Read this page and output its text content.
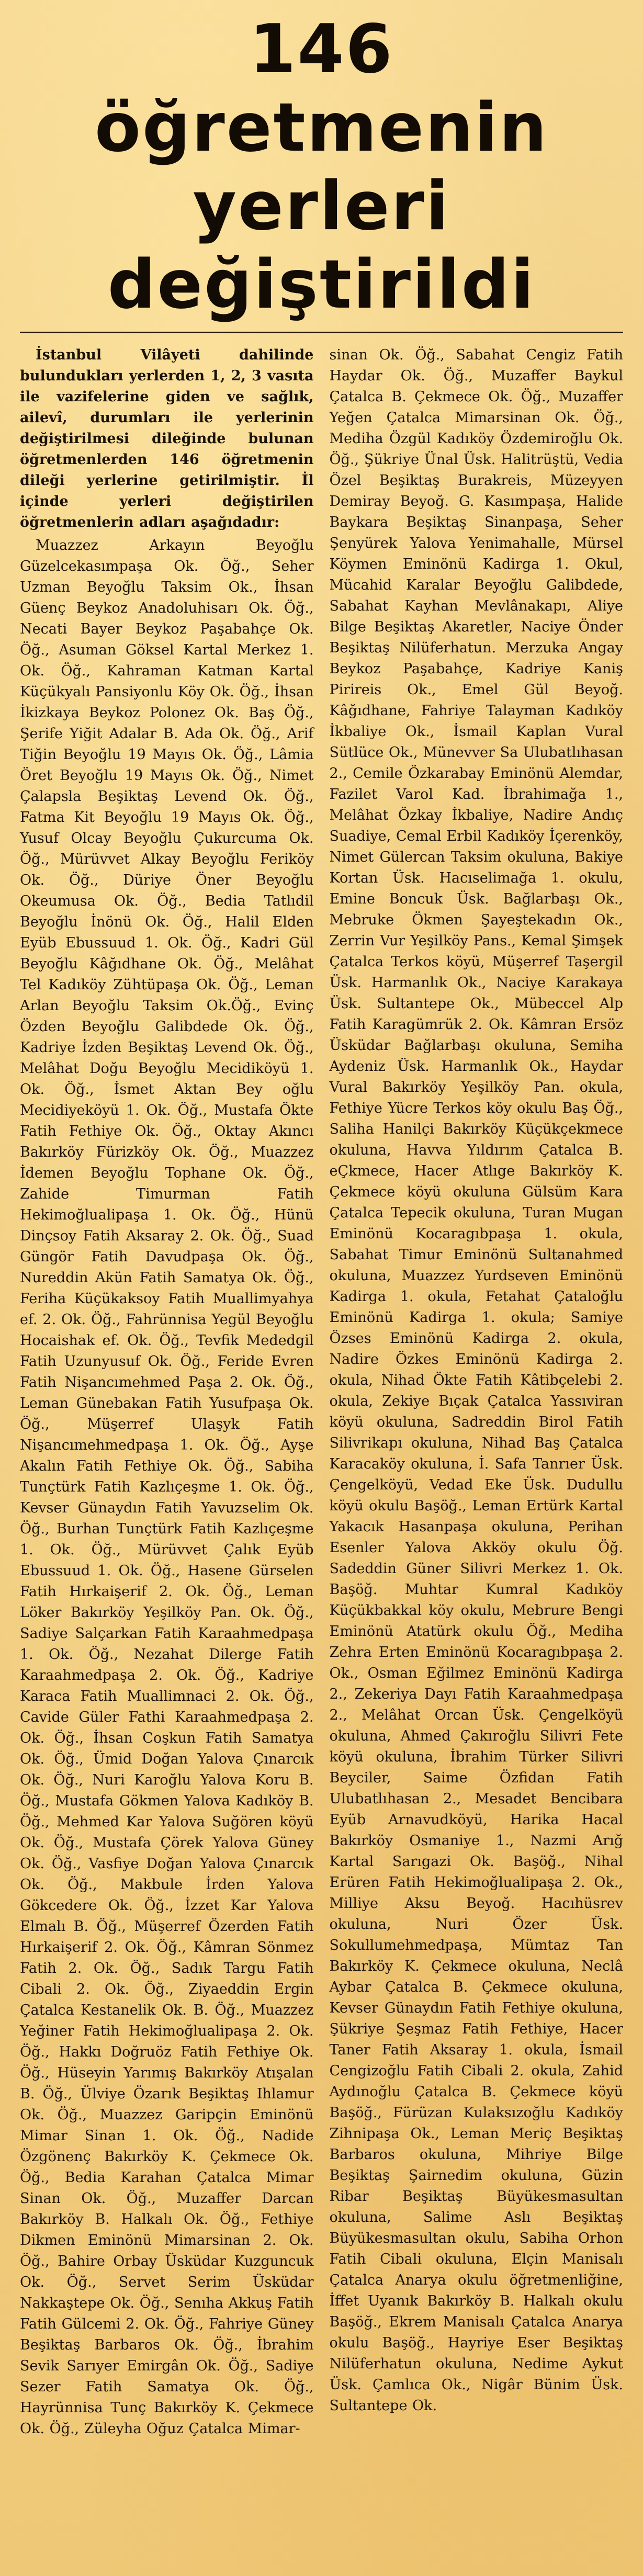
146 öğretmenin
yerleri değiştirildi

İstanbul Vilâyeti dahilinde bulundukları yerlerden 1, 2, 3 vasıta ile vazifelerine giden ve sağlık, ailevî, durumları ile yerlerinin değiştirilmesi dileğinde bulunan öğretmenlerden 146 öğretmenin dileği yerlerine getirilmiştir. İl içinde yerleri değiştirilen öğretmenlerin adları aşağıdadır:

Muazzez Arkayın Beyoğlu Güzelcekasımpaşa Ok. Öğ., Seher Uzman Beyoğlu Taksim Ok., İhsan Güenç Beykoz Anadoluhisarı Ok. Öğ., Necati Bayer Beykoz Paşabahçe Ok. Öğ., Asuman Göksel Kartal Merkez 1. Ok. Öğ., Kahraman Katman Kartal Küçükyalı Pansiyonlu Köy Ok. Öğ., İhsan İkizkaya Beykoz Polonez Ok. Baş Öğ., Şerife Yiğit Adalar B. Ada Ok. Öğ., Arif Tiğin Beyoğlu 19 Mayıs Ok. Öğ., Lâmia Öret Beyoğlu 19 Mayıs Ok. Öğ., Nimet Çalapsla Beşiktaş Levend Ok. Öğ., Fatma Kit Beyoğlu 19 Mayıs Ok. Öğ., Yusuf Olcay Beyoğlu Çukurcuma Ok. Öğ., Mürüvvet Alkay Beyoğlu Feriköy Ok. Öğ., Düriye Öner Beyoğlu Okeumusa Ok. Öğ., Bedia Tatlıdil Beyoğlu İnönü Ok. Öğ., Halil Elden Eyüb Ebussuud 1. Ok. Öğ., Kadri Gül Beyoğlu Kâğıdhane Ok. Öğ., Melâhat Tel Kadıköy Zühtüpaşa Ok. Öğ., Leman Arlan Beyoğlu Taksim Ok.Öğ., Evinç Özden Beyoğlu Galibdede Ok. Öğ., Kadriye İzden Beşiktaş Levend Ok. Öğ., Melâhat Doğu Beyoğlu Mecidiköyü 1. Ok. Öğ., İsmet Aktan Bey oğlu Mecidiyeköyü 1. Ok. Öğ., Mustafa Ökte Fatih Fethiye Ok. Öğ., Oktay Akıncı Bakırköy Fürizköy Ok. Öğ., Muazzez İdemen Beyoğlu Tophane Ok. Öğ., Zahide Timurman Fatih Hekimoğlualipaşa 1. Ok. Öğ., Hünü Dinçsoy Fatih Aksaray 2. Ok. Öğ., Suad Güngör Fatih Davudpaşa Ok. Öğ., Nureddin Akün Fatih Samatya Ok. Öğ., Feriha Küçükaksoy Fatih Muallimyahya ef. 2. Ok. Öğ., Fahrünnisa Yegül Beyoğlu Hocaishak ef. Ok. Öğ., Tevfik Mededgil Fatih Uzunyusuf Ok. Öğ., Feride Evren Fatih Nişancımehmed Paşa 2. Ok. Öğ., Leman Günebakan Fatih Yusufpaşa Ok. Öğ., Müşerref Ulaşyk Fatih Nişancımehmedpaşa 1. Ok. Öğ., Ayşe Akalın Fatih Fethiye Ok. Öğ., Sabiha Tunçtürk Fatih Kazlıçeşme 1. Ok. Öğ., Kevser Günaydın Fatih Yavuzselim Ok. Öğ., Burhan Tunçtürk Fatih Kazlıçeşme 1. Ok. Öğ., Mürüvvet Çalık Eyüb Ebussuud 1. Ok. Öğ., Hasene Gürselen Fatih Hırkaişerif 2. Ok. Öğ., Leman Löker Bakırköy Yeşilköy Pan. Ok. Öğ., Sadiye Salçarkan Fatih Karaahmedpaşa 1. Ok. Öğ., Nezahat Dilerge Fatih Karaahmedpaşa 2. Ok. Öğ., Kadriye Karaca Fatih Muallimnaci 2. Ok. Öğ., Cavide Güler Fathi Karaahmedpaşa 2. Ok. Öğ., İhsan Coşkun Fatih Samatya Ok. Öğ., Ümid Doğan Yalova Çınarcık Ok. Öğ., Nuri Karoğlu Yalova Koru B. Öğ., Mustafa Gökmen Yalova Kadıköy B. Öğ., Mehmed Kar Yalova Suğören köyü Ok. Öğ., Mustafa Çörek Yalova Güney Ok. Öğ., Vasfiye Doğan Yalova Çınarcık Ok. Öğ., Makbule İrden Yalova Gökcedere Ok. Öğ., İzzet Kar Yalova Elmalı B. Öğ., Müşerref Özerden Fatih Hırkaişerif 2. Ok. Öğ., Kâmran Sönmez Fatih 2. Ok. Öğ., Sadık Targu Fatih Cibali 2. Ok. Öğ., Ziyaeddin Ergin Çatalca Kestanelik Ok. B. Öğ., Muazzez Yeğiner Fatih Hekimoğlualipaşa 2. Ok. Öğ., Hakkı Doğruöz Fatih Fethiye Ok. Öğ., Hüseyin Yarımış Bakırköy Atışalan B. Öğ., Ülviye Özarık Beşiktaş Ihlamur Ok. Öğ., Muazzez Garipçin Eminönü Mimar Sinan 1. Ok. Öğ., Nadide Özgönenç Bakırköy K. Çekmece Ok. Öğ., Bedia Karahan Çatalca Mimar Sinan Ok. Öğ., Muzaffer Darcan Bakırköy B. Halkalı Ok. Öğ., Fethiye Dikmen Eminönü Mimarsinan 2. Ok. Öğ., Bahire Orbay Üsküdar Kuzguncuk Ok. Öğ., Servet Serim Üsküdar Nakkaştepe Ok. Öğ., Senıha Akkuş Fatih Fatih Gülcemi 2. Ok. Öğ., Fahriye Güney Beşiktaş Barbaros Ok. Öğ., İbrahim Sevik Sarıyer Emirgân Ok. Öğ., Sadiye Sezer Fatih Samatya Ok. Öğ., Hayrünnisa Tunç Bakırköy K. Çekmece Ok. Öğ., Züleyha Oğuz Çatalca Mimar-

sinan Ok. Öğ., Sabahat Cengiz Fatih Haydar Ok. Öğ., Muzaffer Baykul Çatalca B. Çekmece Ok. Öğ., Muzaffer Yeğen Çatalca Mimarsinan Ok. Öğ., Mediha Özgül Kadıköy Özdemiroğlu Ok. Öğ., Şükriye Ünal Üsk. Halitrüştü, Vedia Özel Beşiktaş Burakreis, Müzeyyen Demiray Beyoğ. G. Kasımpaşa, Halide Baykara Beşiktaş Sinanpaşa, Seher Şenyürek Yalova Yenimahalle, Mürsel Köymen Eminönü Kadirga 1. Okul, Mücahid Karalar Beyoğlu Galibdede, Sabahat Kayhan Mevlânakapı, Aliye Bilge Beşiktaş Akaretler, Naciye Önder Beşiktaş Nilüferhatun. Merzuka Angay Beykoz Paşabahçe, Kadriye Kaniş Pirireis Ok., Emel Gül Beyoğ. Kâğıdhane, Fahriye Talayman Kadıköy İkbaliye Ok., İsmail Kaplan Vural Sütlüce Ok., Münevver Sa Ulubatlıhasan 2., Cemile Özkarabay Eminönü Alemdar, Fazilet Varol Kad. İbrahimağa 1., Melâhat Özkay İkbaliye, Nadire Andıç Suadiye, Cemal Erbil Kadıköy İçerenköy, Nimet Gülercan Taksim okuluna, Bakiye Kortan Üsk. Hacıselimağa 1. okulu, Emine Boncuk Üsk. Bağlarbaşı Ok., Mebruke Ökmen Şayeştekadın Ok., Zerrin Vur Yeşilköy Pans., Kemal Şimşek Çatalca Terkos köyü, Müşerref Taşergil Üsk. Harmanlık Ok., Naciye Karakaya Üsk. Sultantepe Ok., Mübeccel Alp Fatih Karagümrük 2. Ok. Kâmran Ersöz Üsküdar Bağlarbaşı okuluna, Semiha Aydeniz Üsk. Harmanlık Ok., Haydar Vural Bakırköy Yeşilköy Pan. okula, Fethiye Yücre Terkos köy okulu Baş Öğ., Saliha Hanilçi Bakırköy Küçükçekmece okuluna, Havva Yıldırım Çatalca B. eÇkmece, Hacer Atlıge Bakırköy K. Çekmece köyü okuluna Gülsüm Kara Çatalca Tepecik okuluna, Turan Mugan Eminönü Kocaragıbpaşa 1. okula, Sabahat Timur Eminönü Sultanahmed okuluna, Muazzez Yurdseven Eminönü Kadirga 1. okula, Fetahat Çataloğlu Eminönü Kadirga 1. okula; Samiye Özses Eminönü Kadirga 2. okula, Nadire Özkes Eminönü Kadirga 2. okula, Nihad Ökte Fatih Kâtibçelebi 2. okula, Zekiye Bıçak Çatalca Yassıviran köyü okuluna, Sadreddin Birol Fatih Silivrikapı okuluna, Nihad Baş Çatalca Karacaköy okuluna, İ. Safa Tanrıer Üsk. Çengelköyü, Vedad Eke Üsk. Dudullu köyü okulu Başöğ., Leman Ertürk Kartal Yakacık Hasanpaşa okuluna, Perihan Esenler Yalova Akköy okulu Öğ. Sadeddin Güner Silivri Merkez 1. Ok. Başöğ. Muhtar Kumral Kadıköy Küçükbakkal köy okulu, Mebrure Bengi Eminönü Atatürk okulu Öğ., Mediha Zehra Erten Eminönü Kocaragıbpaşa 2. Ok., Osman Eğilmez Eminönü Kadirga 2., Zekeriya Dayı Fatih Karaahmedpaşa 2., Melâhat Orcan Üsk. Çengelköyü okuluna, Ahmed Çakıroğlu Silivri Fete köyü okuluna, İbrahim Türker Silivri Beyciler, Saime Özfidan Fatih Ulubatlıhasan 2., Mesadet Bencibara Eyüb Arnavudköyü, Harika Hacal Bakırköy Osmaniye 1., Nazmi Arığ Kartal Sarıgazi Ok. Başöğ., Nihal Erüren Fatih Hekimoğlualipaşa 2. Ok., Milliye Aksu Beyoğ. Hacıhüsrev okuluna, Nuri Özer Üsk. Sokullumehmedpaşa, Mümtaz Tan Bakırköy K. Çekmece okuluna, Neclâ Aybar Çatalca B. Çekmece okuluna, Kevser Günaydın Fatih Fethiye okuluna, Şükriye Şeşmaz Fatih Fethiye, Hacer Taner Fatih Aksaray 1. okula, İsmail Cengizoğlu Fatih Cibali 2. okula, Zahid Aydınoğlu Çatalca B. Çekmece köyü Başöğ., Fürüzan Kulaksızoğlu Kadıköy Zihnipaşa Ok., Leman Meriç Beşiktaş Barbaros okuluna, Mihriye Bilge Beşiktaş Şairnedim okuluna, Güzin Ribar Beşiktaş Büyükesmasultan okuluna, Salime Aslı Beşiktaş Büyükesmasultan okulu, Sabiha Orhon Fatih Cibali okuluna, Elçin Manisalı Çatalca Anarya okulu öğretmenliğine, İffet Uyanık Bakırköy B. Halkalı okulu Başöğ., Ekrem Manisalı Çatalca Anarya okulu Başöğ., Hayriye Eser Beşiktaş Nilüferhatun okuluna, Nedime Aykut Üsk. Çamlıca Ok., Nigâr Bünim Üsk. Sultantepe Ok.
